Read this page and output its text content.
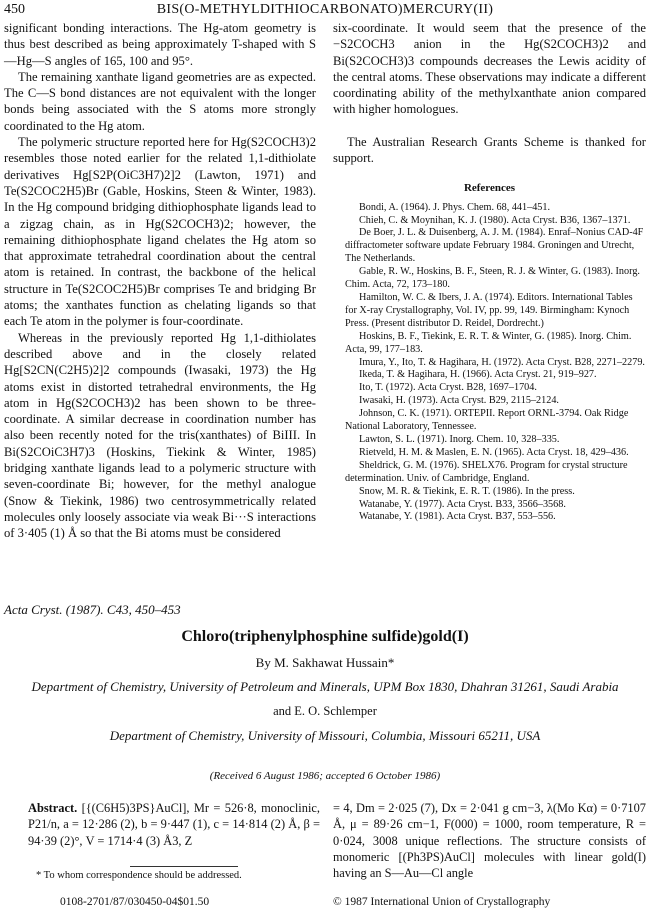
450	BIS(O-METHYLDITHIOCARBONATO)MERCURY(II)

significant bonding interactions. The Hg-atom geometry is thus best described as being approximately T-shaped with S—Hg—S angles of 165, 100 and 95°.

The remaining xanthate ligand geometries are as expected. The C—S bond distances are not equivalent with the longer bonds being associated with the S atoms more strongly coordinated to the Hg atom.

The polymeric structure reported here for Hg(S2COCH3)2 resembles those noted earlier for the related 1,1-dithiolate derivatives Hg[S2P(OiC3H7)2]2 (Lawton, 1971) and Te(S2COC2H5)Br (Gable, Hoskins, Steen & Winter, 1983). In the Hg compound bridging dithiophosphate ligands lead to a zigzag chain, as in Hg(S2COCH3)2; however, the remaining dithiophosphate ligand chelates the Hg atom so that approximate tetrahedral coordination about the central atom is retained. In contrast, the backbone of the helical structure in Te(S2COC2H5)Br comprises Te and bridging Br atoms; the xanthates function as chelating ligands so that each Te atom in the polymer is four-coordinate.

Whereas in the previously reported Hg 1,1-dithiolates described above and in the closely related Hg[S2CN(C2H5)2]2 compounds (Iwasaki, 1973) the Hg atoms exist in distorted tetrahedral environments, the Hg atom in Hg(S2COCH3)2 has been shown to be three-coordinate. A similar decrease in coordination number has also been recently noted for the tris(xanthates) of BiIII. In Bi(S2COiC3H7)3 (Hoskins, Tiekink & Winter, 1985) bridging xanthate ligands lead to a polymeric structure with seven-coordinate Bi; however, for the methyl analogue (Snow & Tiekink, 1986) two centrosymmetrically related molecules only loosely associate via weak Bi···S interactions of 3·405 (1) Å so that the Bi atoms must be considered

six-coordinate. It would seem that the presence of the −S2COCH3 anion in the Hg(S2COCH3)2 and Bi(S2COCH3)3 compounds decreases the Lewis acidity of the central atoms. These observations may indicate a different coordinating ability of the methylxanthate anion compared with higher homologues.

The Australian Research Grants Scheme is thanked for support.

References

Bondi, A. (1964). J. Phys. Chem. 68, 441–451.

Chieh, C. & Moynihan, K. J. (1980). Acta Cryst. B36, 1367–1371.

De Boer, J. L. & Duisenberg, A. J. M. (1984). Enraf–Nonius CAD-4F diffractometer software update February 1984. Groningen and Utrecht, The Netherlands.

Gable, R. W., Hoskins, B. F., Steen, R. J. & Winter, G. (1983). Inorg. Chim. Acta, 72, 173–180.

Hamilton, W. C. & Ibers, J. A. (1974). Editors. International Tables for X-ray Crystallography, Vol. IV, pp. 99, 149. Birmingham: Kynoch Press. (Present distributor D. Reidel, Dordrecht.)

Hoskins, B. F., Tiekink, E. R. T. & Winter, G. (1985). Inorg. Chim. Acta, 99, 177–183.

Imura, Y., Ito, T. & Hagihara, H. (1972). Acta Cryst. B28, 2271–2279.

Ikeda, T. & Hagihara, H. (1966). Acta Cryst. 21, 919–927.

Ito, T. (1972). Acta Cryst. B28, 1697–1704.

Iwasaki, H. (1973). Acta Cryst. B29, 2115–2124.

Johnson, C. K. (1971). ORTEPII. Report ORNL-3794. Oak Ridge National Laboratory, Tennessee.

Lawton, S. L. (1971). Inorg. Chem. 10, 328–335.

Rietveld, H. M. & Maslen, E. N. (1965). Acta Cryst. 18, 429–436.

Sheldrick, G. M. (1976). SHELX76. Program for crystal structure determination. Univ. of Cambridge, England.

Snow, M. R. & Tiekink, E. R. T. (1986). In the press.

Watanabe, Y. (1977). Acta Cryst. B33, 3566–3568.

Watanabe, Y. (1981). Acta Cryst. B37, 553–556.

Acta Cryst. (1987). C43, 450–453
Chloro(triphenylphosphine sulfide)gold(I)
By M. Sakhawat Hussain*
Department of Chemistry, University of Petroleum and Minerals, UPM Box 1830, Dhahran 31261, Saudi Arabia
and E. O. Schlemper
Department of Chemistry, University of Missouri, Columbia, Missouri 65211, USA
(Received 6 August 1986; accepted 6 October 1986)
Abstract. [{(C6H5)3PS}AuCl], Mr = 526·8, monoclinic, P21/n, a = 12·286 (2), b = 9·447 (1), c = 14·814 (2) Å, β = 94·39 (2)°, V = 1714·4 (3) Å3, Z
= 4, Dm = 2·025 (7), Dx = 2·041 g cm−3, λ(Mo Kα) = 0·7107 Å, μ = 89·26 cm−1, F(000) = 1000, room temperature, R = 0·024, 3008 unique reflections. The structure consists of monomeric [(Ph3PS)AuCl] molecules with linear gold(I) having an S—Au—Cl angle
* To whom correspondence should be addressed.
0108-2701/87/030450-04$01.50	© 1987 International Union of Crystallography
